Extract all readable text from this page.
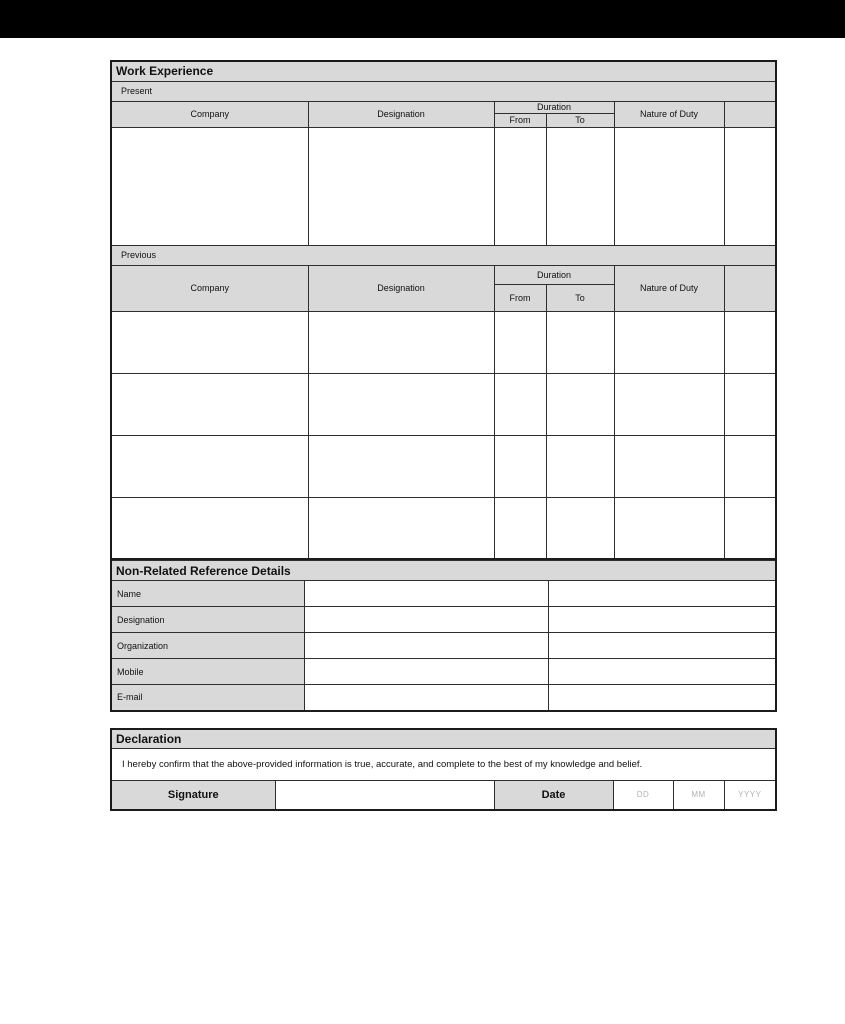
Work Experience					
Present					
Company	Designation	Duration		Nature of Duty	
		From	To		

Previous					
Company	Designation	Duration		Nature of Duty	
		From	To		

Non-Related Reference Details		
Name		
Designation		
Organization		
Mobile		
E-mail		
Declaration
I hereby confirm that the above-provided information is true, accurate, and complete to the best of my knowledge and belief.
Signature		Date	DD	MM	YYYY
